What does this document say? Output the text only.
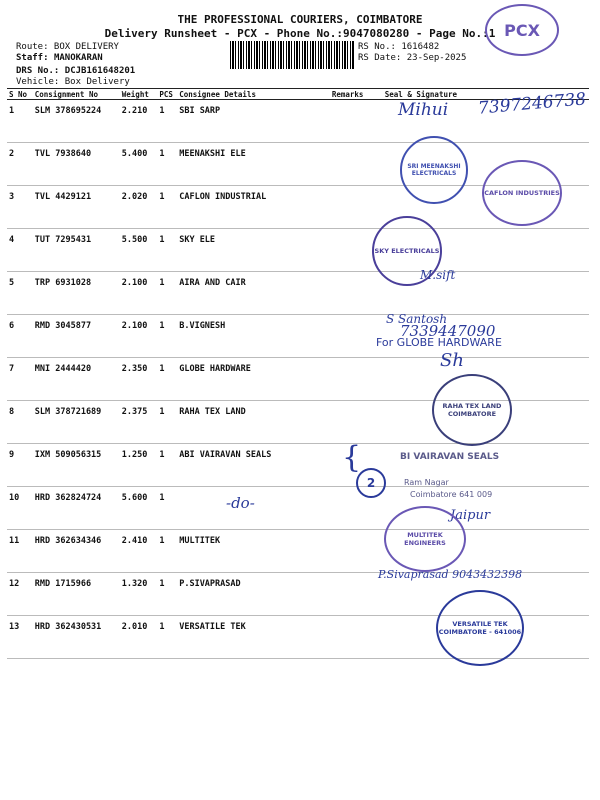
THE PROFESSIONAL COURIERS, COIMBATORE
Delivery Runsheet - PCX - Phone No.:9047080280 - Page No.:1
Route: BOX DELIVERY
Staff: MANOKARAN
DRS No.: DCJB161648201
Vehicle: Box Delivery
RS No.: 1616482
RS Date: 23-Sep-2025
PCX
S No	Consignment No	Weight	PCS	Consignee Details	Remarks	Seal & Signature
1	SLM 378695224	2.210	1	SBI SARP		
2	TVL 7938640	5.400	1	MEENAKSHI ELE		
3	TVL 4429121	2.020	1	CAFLON INDUSTRIAL		
4	TUT 7295431	5.500	1	SKY ELE		
5	TRP 6931028	2.100	1	AIRA AND CAIR		
6	RMD 3045877	2.100	1	B.VIGNESH		
7	MNI 2444420	2.350	1	GLOBE HARDWARE		
8	SLM 378721689	2.375	1	RAHA TEX LAND		
9	IXM 509056315	1.250	1	ABI VAIRAVAN SEALS		
10	HRD 362824724	5.600	1			
11	HRD 362634346	2.410	1	MULTITEK		
12	RMD 1715966	1.320	1	P.SIVAPRASAD		
13	HRD 362430531	2.010	1	VERSATILE TEK		
Mihui 7397246738
SRI MEENAKSHI ELECTRICALS
CAFLON INDUSTRIES
SKY ELECTRICALS
M.sift
S Santosh
7339447090
For GLOBE HARDWARE
Sh
RAHA TEX LAND
COIMBATORE
{
2
BI VAIRAVAN SEALS
Ram Nagar
Coimbatore 641 009
-do-
Jaipur
MULTITEK ENGINEERS
P.Sivaprasad 9043432398
VERSATILE TEK
COIMBATORE - 641006
